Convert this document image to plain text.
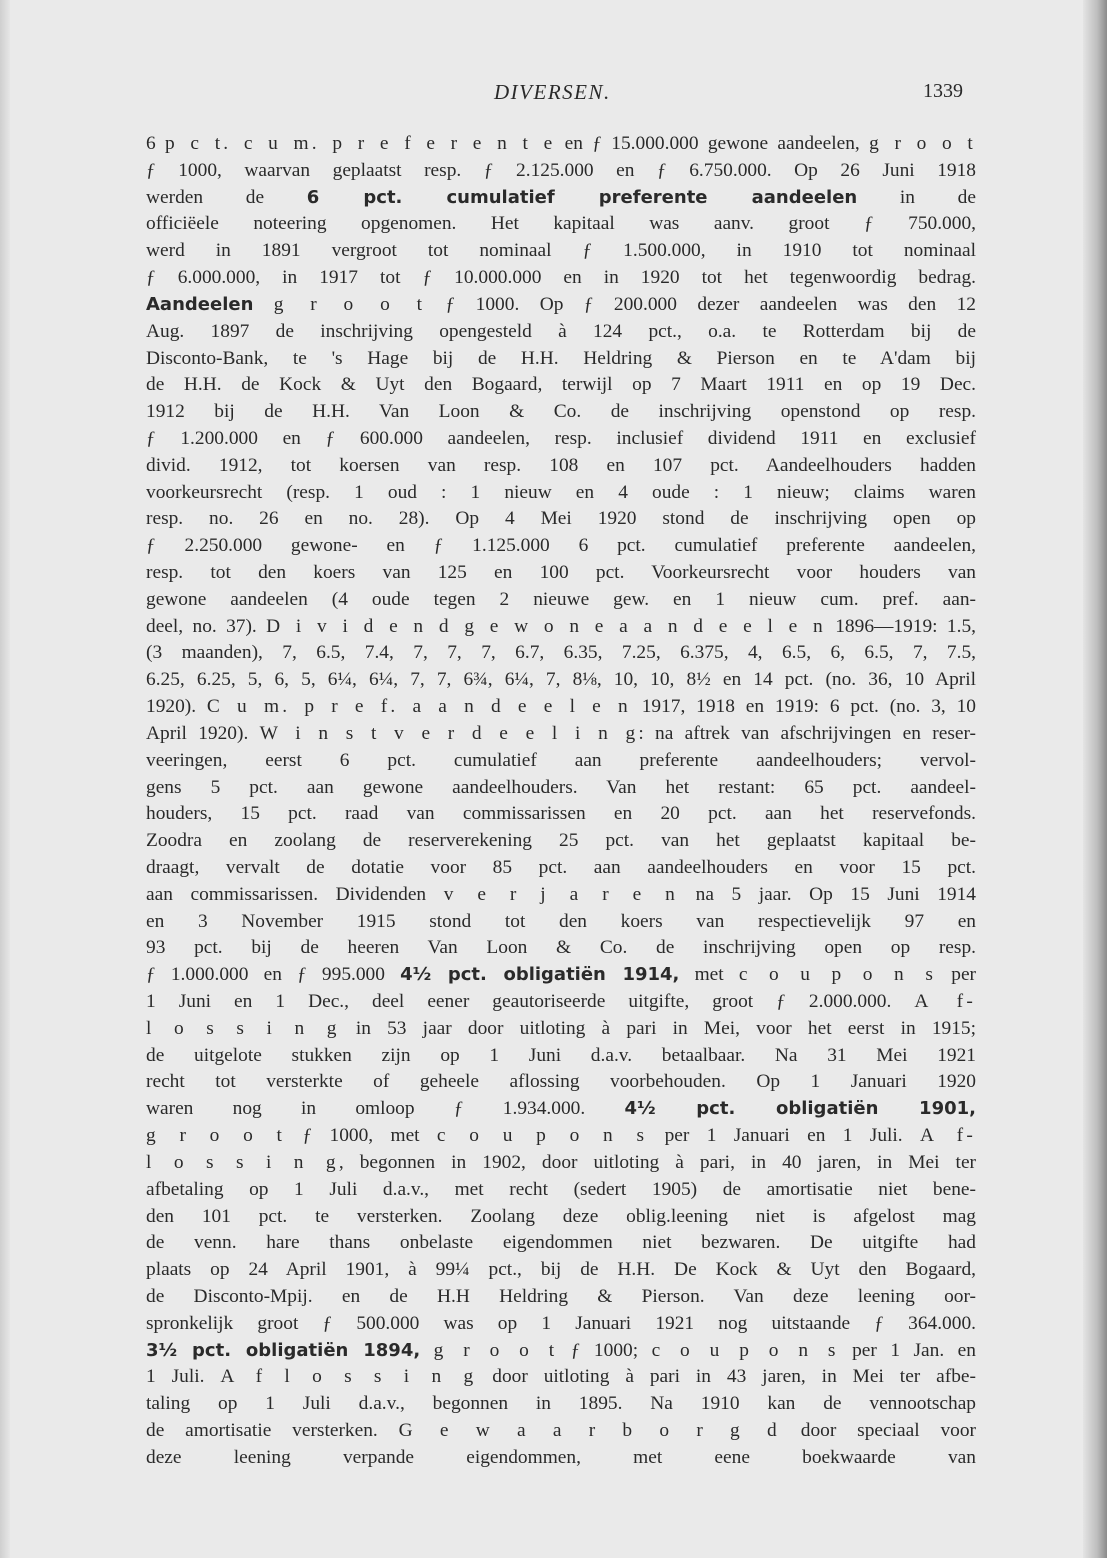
DIVERSEN.	1339
6 p c t. c u m. p r e f e r e n t e en ƒ 15.000.000 gewone aandeelen, g r o o t
ƒ 1000, waarvan geplaatst resp. ƒ 2.125.000 en ƒ 6.750.000. Op 26 Juni 1918
werden de 6 pct. cumulatief preferente aandeelen in de
officiëele noteering opgenomen. Het kapitaal was aanv. groot ƒ 750.000,
werd in 1891 vergroot tot nominaal ƒ 1.500.000, in 1910 tot nominaal
ƒ 6.000.000, in 1917 tot ƒ 10.000.000 en in 1920 tot het tegenwoordig bedrag.
Aandeelen g r o o t ƒ 1000. Op ƒ 200.000 dezer aandeelen was den 12
Aug. 1897 de inschrijving opengesteld à 124 pct., o.a. te Rotterdam bij de
Disconto-Bank, te 's Hage bij de H.H. Heldring & Pierson en te A'dam bij
de H.H. de Kock & Uyt den Bogaard, terwijl op 7 Maart 1911 en op 19 Dec.
1912 bij de H.H. Van Loon & Co. de inschrijving openstond op resp.
ƒ 1.200.000 en ƒ 600.000 aandeelen, resp. inclusief dividend 1911 en exclusief
divid. 1912, tot koersen van resp. 108 en 107 pct. Aandeelhouders hadden
voorkeursrecht (resp. 1 oud : 1 nieuw en 4 oude : 1 nieuw; claims waren
resp. no. 26 en no. 28). Op 4 Mei 1920 stond de inschrijving open op
ƒ 2.250.000 gewone- en ƒ 1.125.000 6 pct. cumulatief preferente aandeelen,
resp. tot den koers van 125 en 100 pct. Voorkeursrecht voor houders van
gewone aandeelen (4 oude tegen 2 nieuwe gew. en 1 nieuw cum. pref. aan-
deel, no. 37). D i v i d e n d g e w o n e a a n d e e l e n 1896—1919: 1.5,
(3 maanden), 7, 6.5, 7.4, 7, 7, 7, 6.7, 6.35, 7.25, 6.375, 4, 6.5, 6, 6.5, 7, 7.5,
6.25, 6.25, 5, 6, 5, 6¼, 6¼, 7, 7, 6¾, 6¼, 7, 8⅛, 10, 10, 8½ en 14 pct. (no. 36, 10 April
1920). C u m. p r e f. a a n d e e l e n 1917, 1918 en 1919: 6 pct. (no. 3, 10
April 1920). W i n s t v e r d e e l i n g: na aftrek van afschrijvingen en reser-
veeringen, eerst 6 pct. cumulatief aan preferente aandeelhouders; vervol-
gens 5 pct. aan gewone aandeelhouders. Van het restant: 65 pct. aandeel-
houders, 15 pct. raad van commissarissen en 20 pct. aan het reservefonds.
Zoodra en zoolang de reserverekening 25 pct. van het geplaatst kapitaal be-
draagt, vervalt de dotatie voor 85 pct. aan aandeelhouders en voor 15 pct.
aan commissarissen. Dividenden v e r j a r e n na 5 jaar. Op 15 Juni 1914
en 3 November 1915 stond tot den koers van respectievelijk 97 en
93 pct. bij de heeren Van Loon & Co. de inschrijving open op resp.
ƒ 1.000.000 en ƒ 995.000 4½ pct. obligatiën 1914, met c o u p o n s per
1 Juni en 1 Dec., deel eener geautoriseerde uitgifte, groot ƒ 2.000.000. A f-
l o s s i n g in 53 jaar door uitloting à pari in Mei, voor het eerst in 1915;
de uitgelote stukken zijn op 1 Juni d.a.v. betaalbaar. Na 31 Mei 1921
recht tot versterkte of geheele aflossing voorbehouden. Op 1 Januari 1920
waren nog in omloop ƒ 1.934.000. 4½ pct. obligatiën 1901,
g r o o t ƒ 1000, met c o u p o n s per 1 Januari en 1 Juli. A f-
l o s s i n g, begonnen in 1902, door uitloting à pari, in 40 jaren, in Mei ter
afbetaling op 1 Juli d.a.v., met recht (sedert 1905) de amortisatie niet bene-
den 101 pct. te versterken. Zoolang deze oblig.leening niet is afgelost mag
de venn. hare thans onbelaste eigendommen niet bezwaren. De uitgifte had
plaats op 24 April 1901, à 99¼ pct., bij de H.H. De Kock & Uyt den Bogaard,
de Disconto-Mpij. en de H.H Heldring & Pierson. Van deze leening oor-
spronkelijk groot ƒ 500.000 was op 1 Januari 1921 nog uitstaande ƒ 364.000.
3½ pct. obligatiën 1894, g r o o t ƒ 1000; c o u p o n s per 1 Jan. en
1 Juli. A f l o s s i n g door uitloting à pari in 43 jaren, in Mei ter afbe-
taling op 1 Juli d.a.v., begonnen in 1895. Na 1910 kan de vennootschap
de amortisatie versterken. G e w a a r b o r g d door speciaal voor
deze leening verpande eigendommen, met eene boekwaarde van
